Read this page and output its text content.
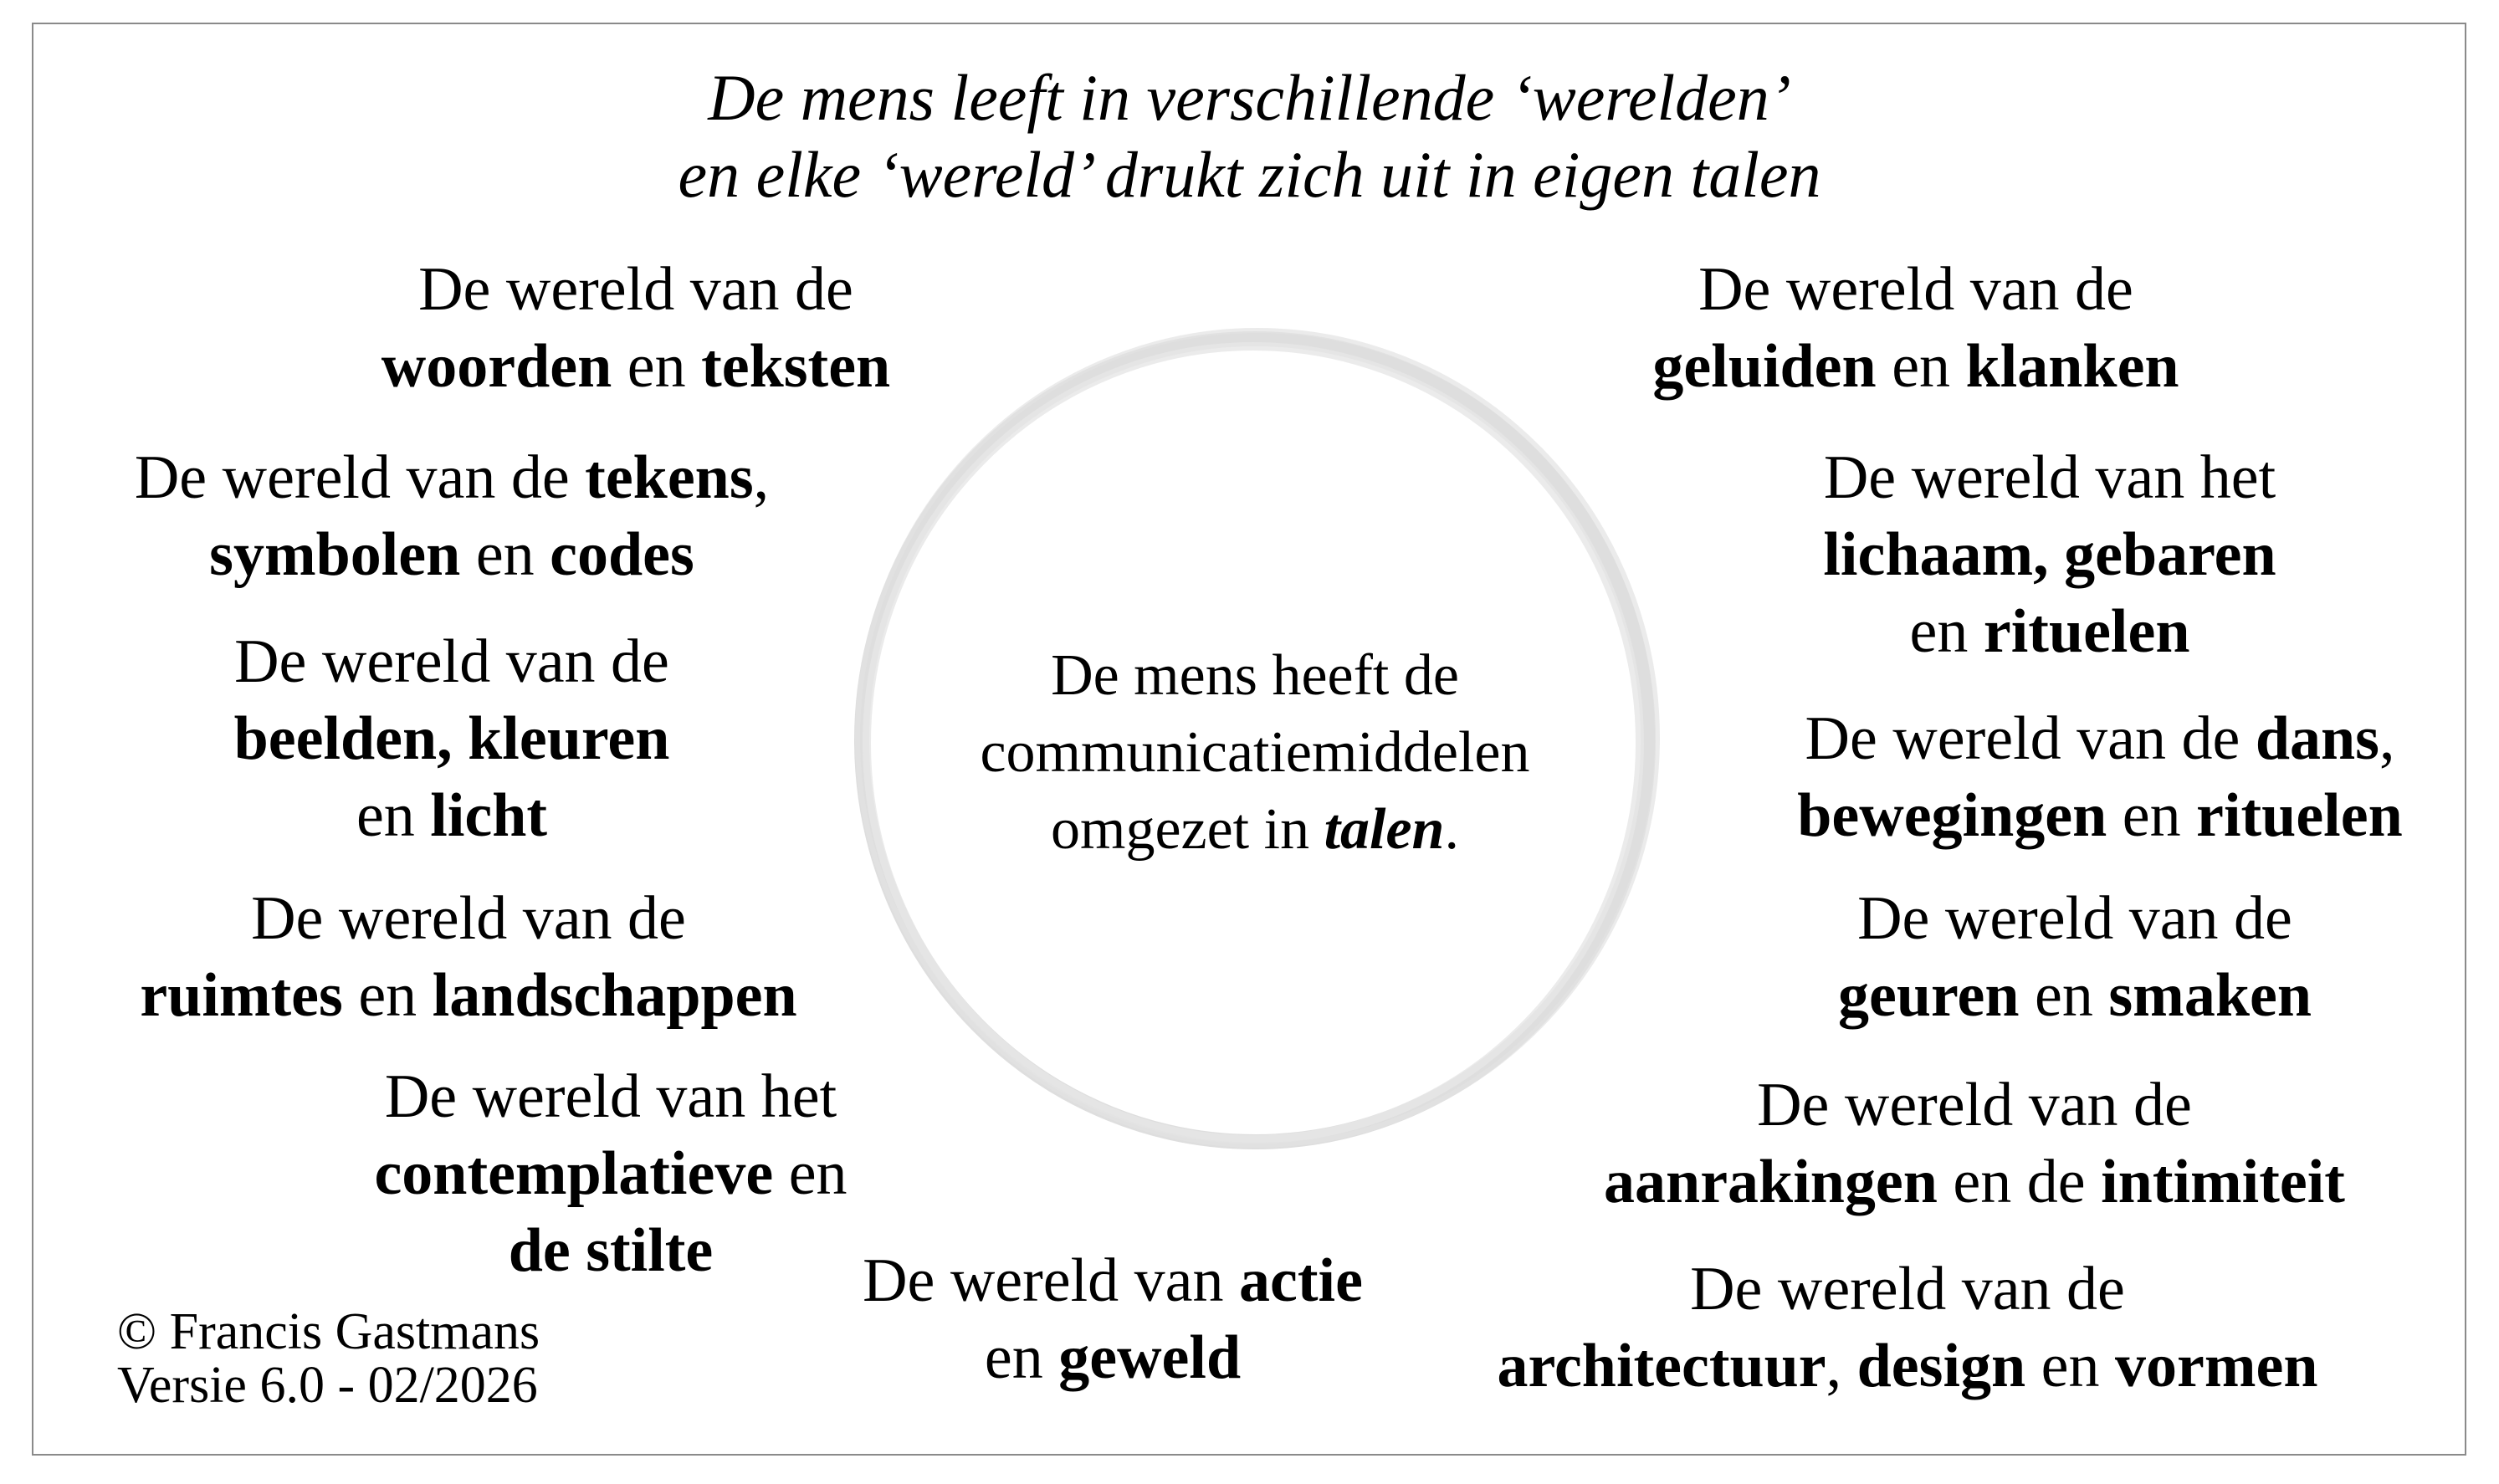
De mens leeft in verschillende ‘werelden’
en elke ‘wereld’ drukt zich uit in eigen talen
De mens heeft de
communicatiemiddelen
omgezet in talen.
De wereld van de
woorden en teksten
De wereld van de tekens,
symbolen en codes
De wereld van de
beelden, kleuren
en licht
De wereld van de
ruimtes en landschappen
De wereld van het
contemplatieve en
de stilte	De wereld van actie
en geweld
De wereld van de
geluiden en klanken
De wereld van het
lichaam, gebaren
en rituelen
De wereld van de dans,
bewegingen en rituelen
De wereld van de
geuren en smaken
De wereld van de
aanrakingen en de intimiteit
De wereld van de
architectuur, design en vormen
© Francis Gastmans
Versie 6.0 - 02/2026
